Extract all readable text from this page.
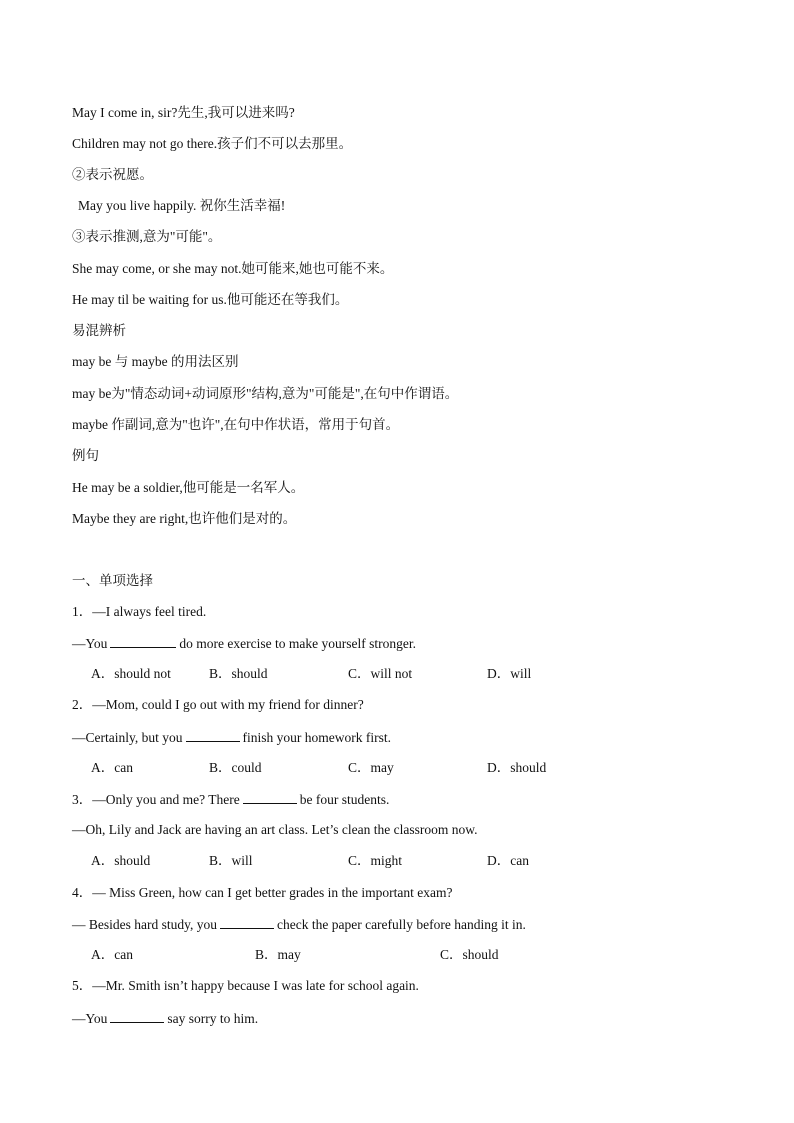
May I come in, sir?先生,我可以进来吗?
Children may not go there.孩子们不可以去那里。
②表示祝愿。
May you live happily. 祝你生活幸福!
③表示推测,意为"可能"。
She may come, or she may not.她可能来,她也可能不来。
He may til be waiting for us.他可能还在等我们。
易混辨析
may be 与 maybe 的用法区别
may be为"情态动词+动词原形"结构,意为"可能是",在句中作谓语。
maybe 作副词,意为"也许",在句中作状语，常用于句首。
例句
He may be a soldier,他可能是一名军人。
Maybe they are right,也许他们是对的。
一、单项选择
1．—I always feel tired.
—You	do more exercise to make yourself stronger.
A．should not	B．should	C．will not	D．will
2．—Mom, could I go out with my friend for dinner?
—Certainly, but you	finish your homework first.
A．can	B．could	C．may	D．should
3．—Only you and me? There	be four students.
—Oh, Lily and Jack are having an art class. Let’s clean the classroom now.
A．should	B．will	C．might	D．can
4．— Miss Green, how can I get better grades in the important exam?
— Besides hard study, you	check the paper carefully before handing it in.
A．can	B．may	C．should
5．—Mr. Smith isn’t happy because I was late for school again.
—You	say sorry to him.
